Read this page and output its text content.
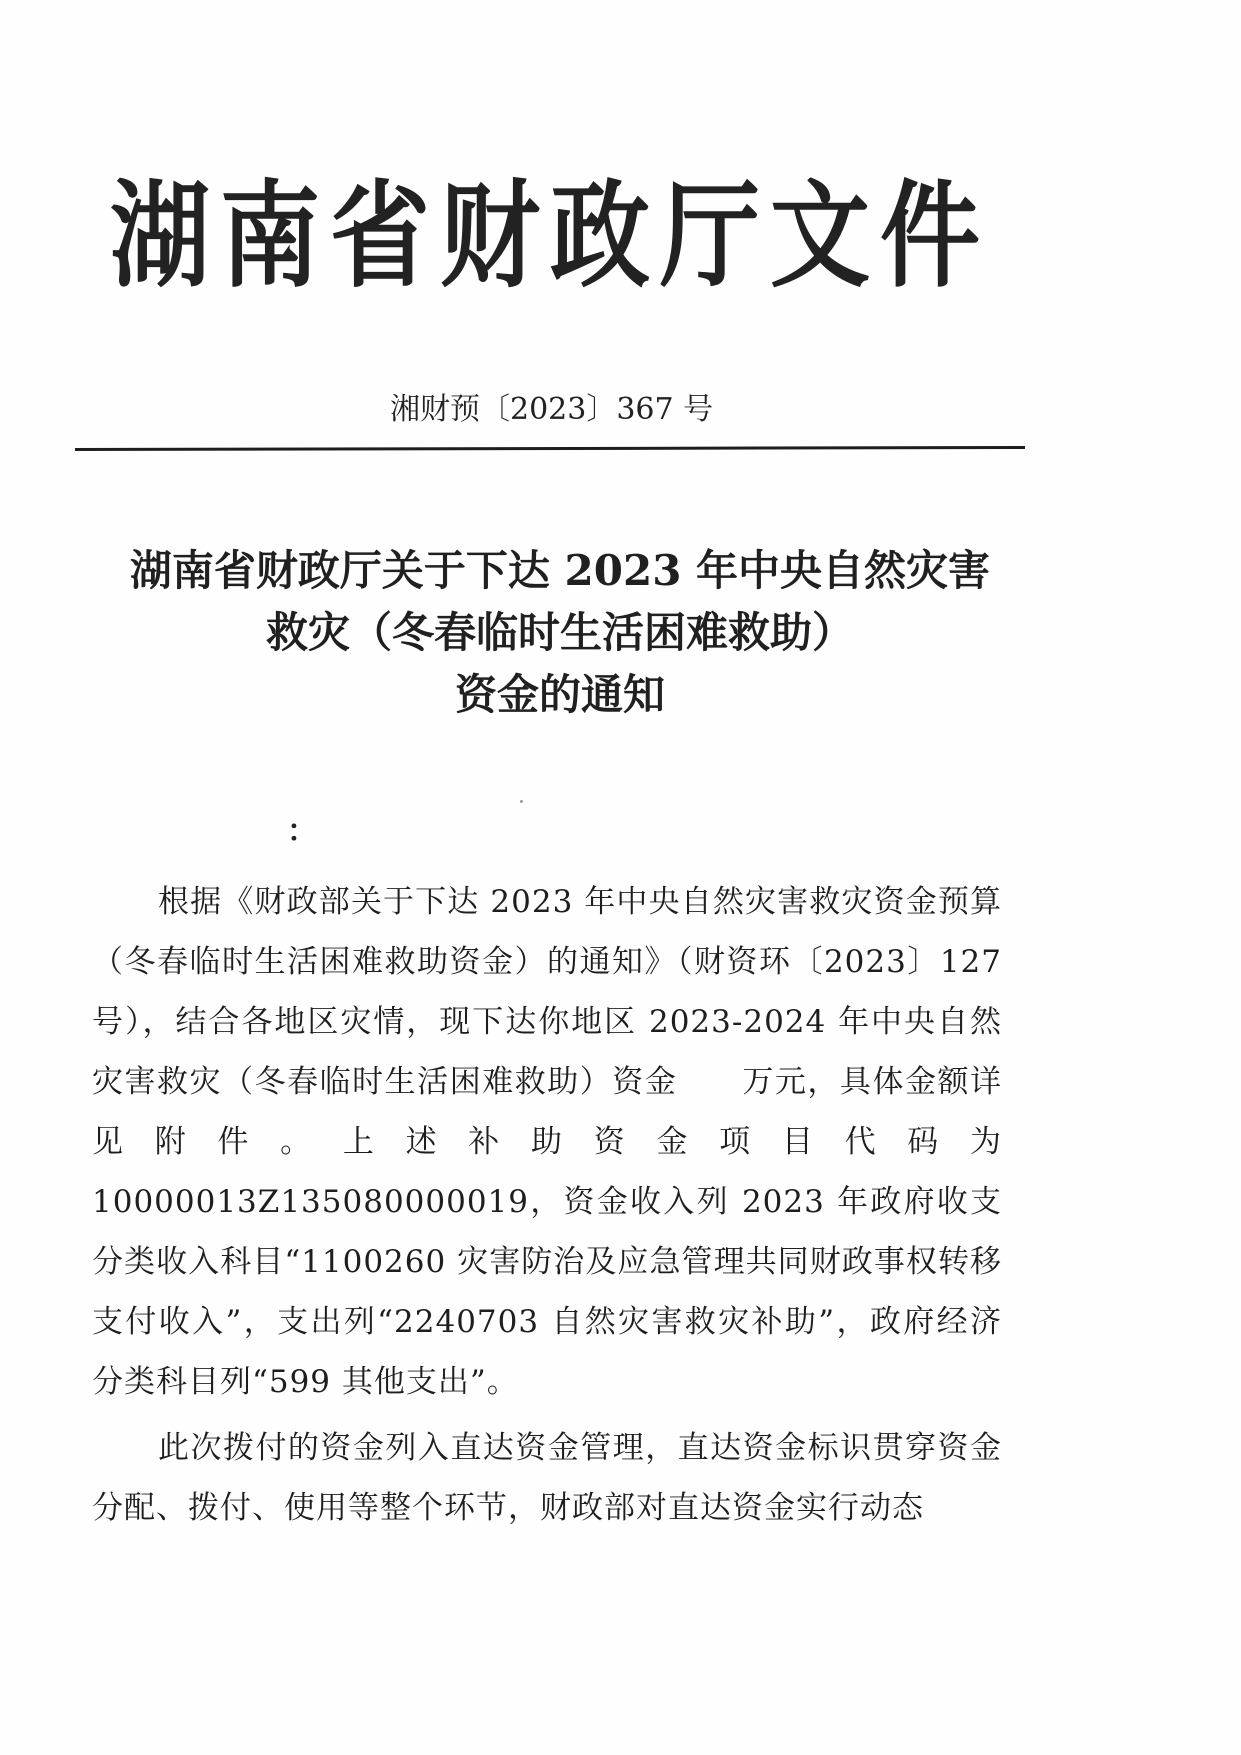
湖南省财政厅文件
湘财预〔2023〕367 号
湖南省财政厅关于下达 2023 年中央自然灾害
救灾（冬春临时生活困难救助）
资金的通知
：

根据《财政部关于下达 2023 年中央自然灾害救灾资金预算（冬春临时生活困难救助资金）的通知》（财资环〔2023〕127 号），结合各地区灾情，现下达你地区 2023-2024 年中央自然灾害救灾（冬春临时生活困难救助）资金　　万元，具体金额详见附件。上述补助资金项目代码为 10000013Z135080000019，资金收入列 2023 年政府收支分类收入科目“1100260 灾害防治及应急管理共同财政事权转移支付收入”，支出列“2240703 自然灾害救灾补助”，政府经济分类科目列“599 其他支出”。

此次拨付的资金列入直达资金管理，直达资金标识贯穿资金分配、拨付、使用等整个环节，财政部对直达资金实行动态
